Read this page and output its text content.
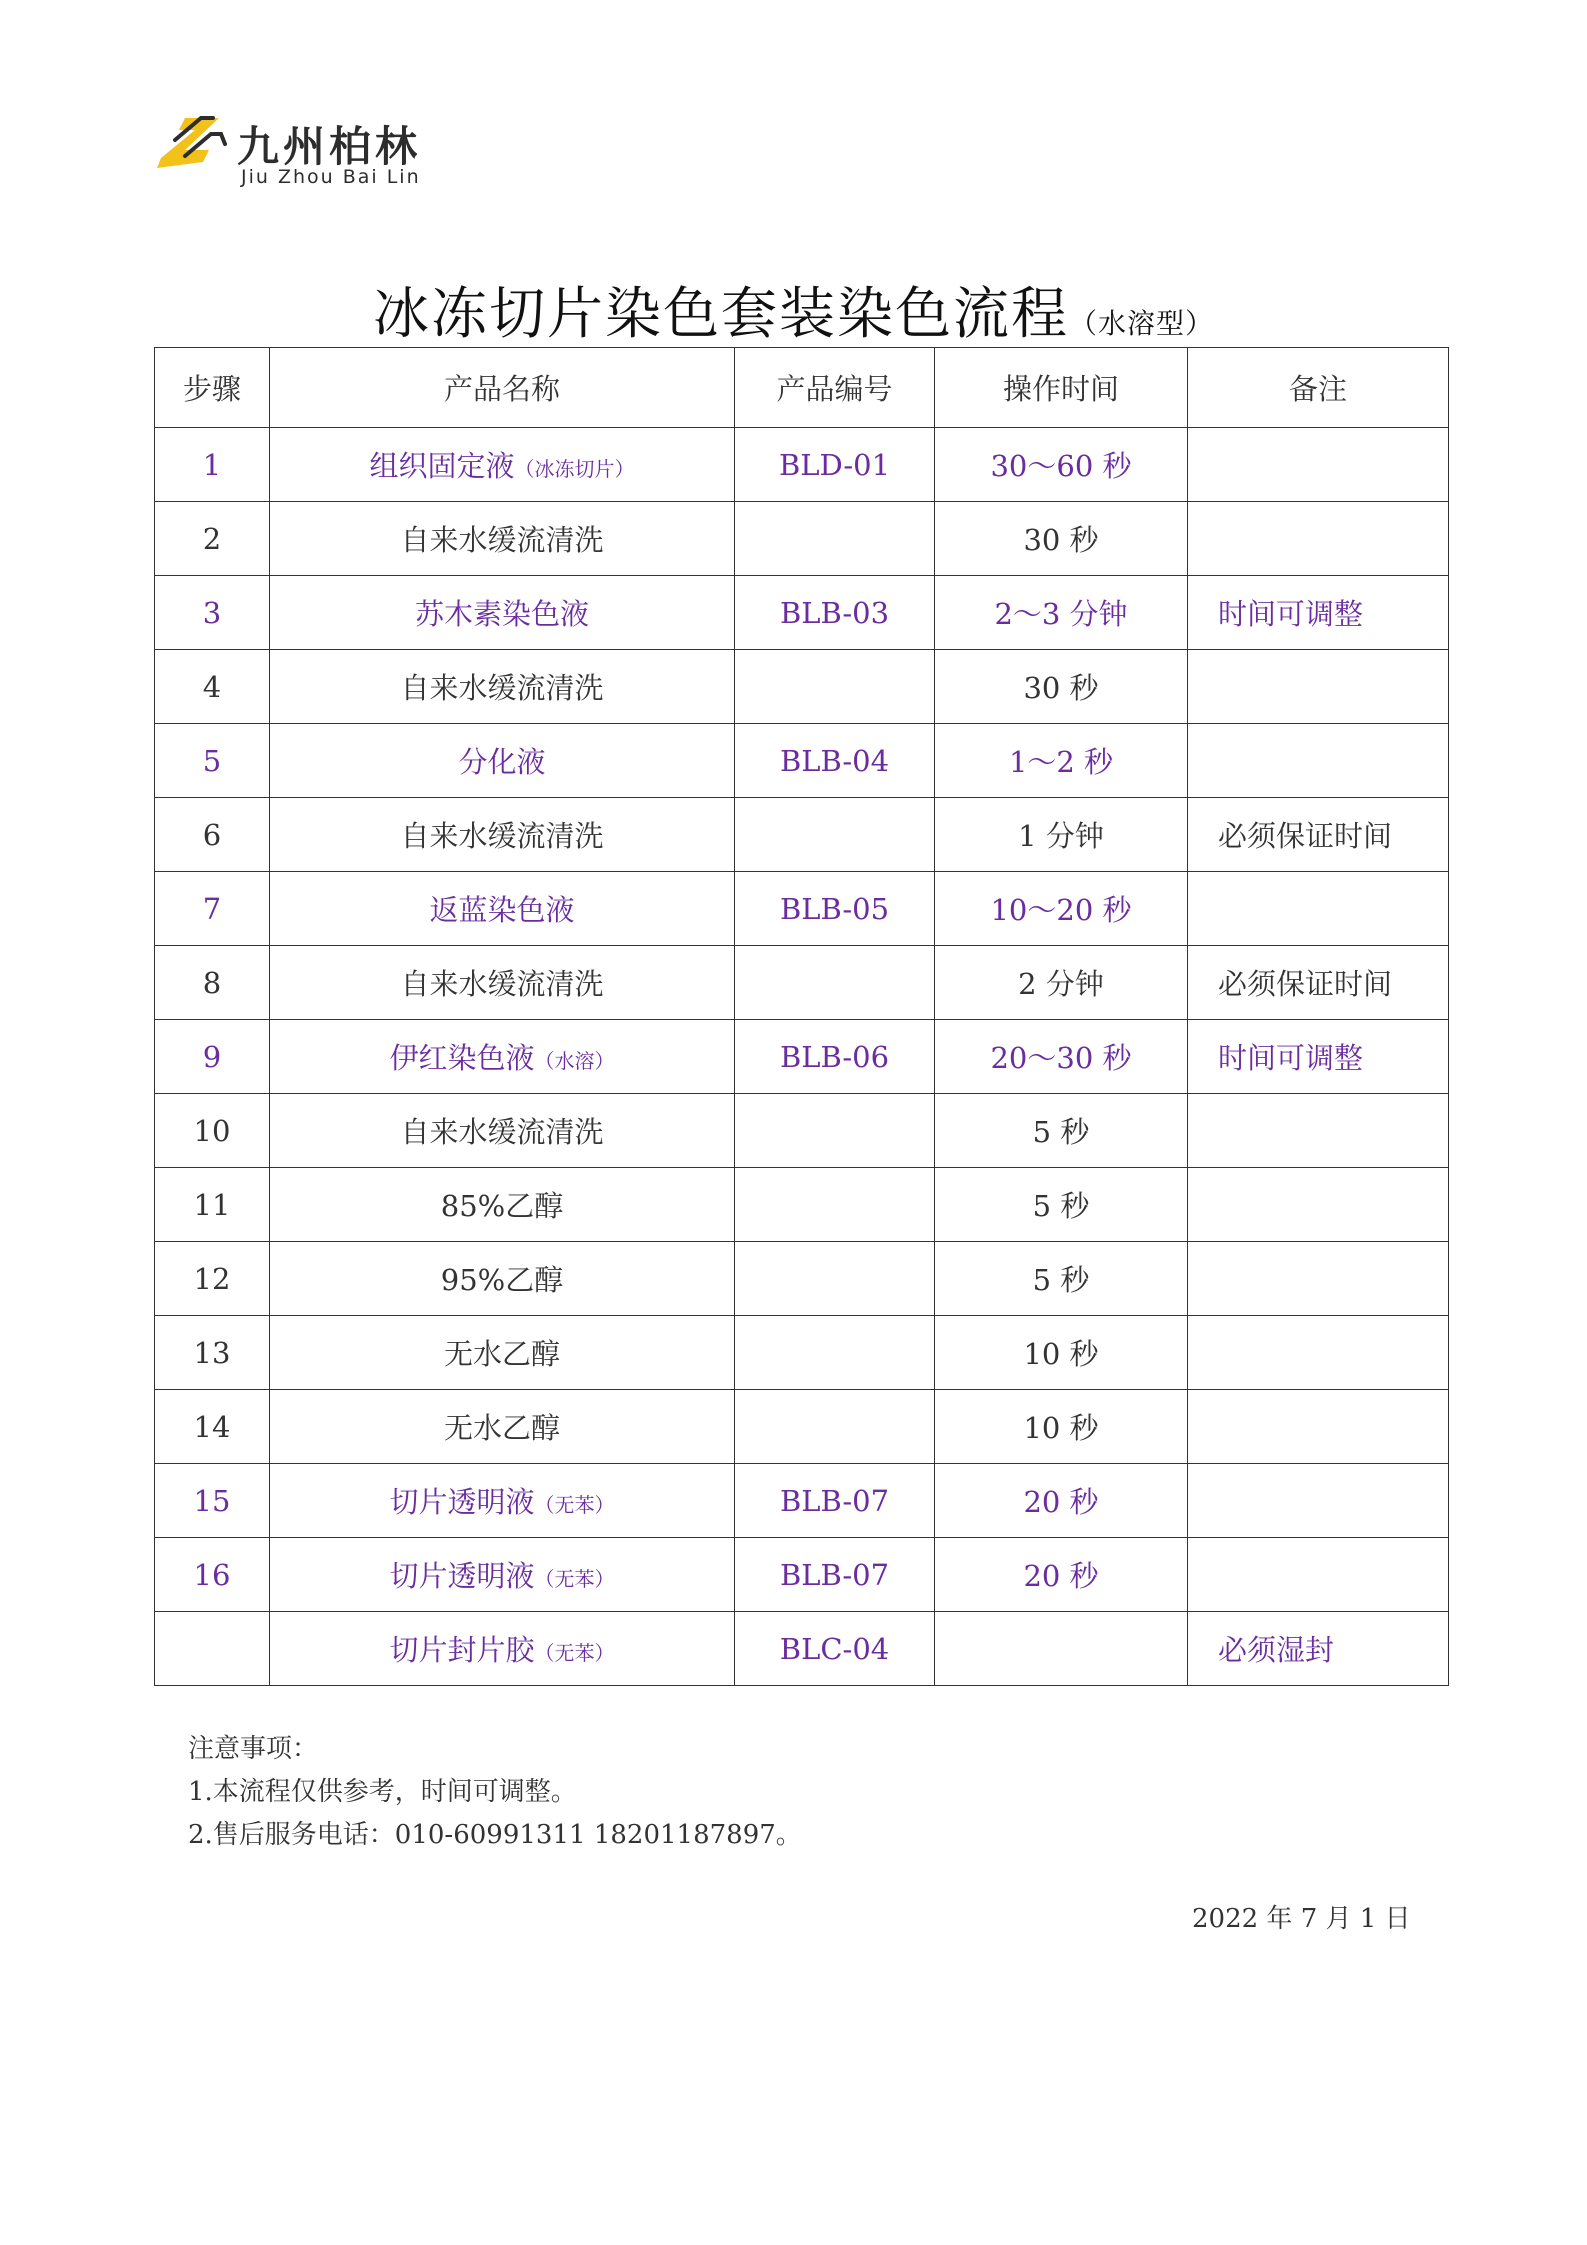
九州柏林
Jiu Zhou Bai Lin
冰冻切片染色套装染色流程（水溶型）
步骤	产品名称	产品编号	操作时间	备注
1	组织固定液（冰冻切片）	BLD-01	30～60 秒	
2	自来水缓流清洗		30 秒	
3	苏木素染色液	BLB-03	2～3 分钟	时间可调整
4	自来水缓流清洗		30 秒	
5	分化液	BLB-04	1～2 秒	
6	自来水缓流清洗		1 分钟	必须保证时间
7	返蓝染色液	BLB-05	10～20 秒	
8	自来水缓流清洗		2 分钟	必须保证时间
9	伊红染色液（水溶）	BLB-06	20～30 秒	时间可调整
10	自来水缓流清洗		5 秒	
11	85%乙醇		5 秒	
12	95%乙醇		5 秒	
13	无水乙醇		10 秒	
14	无水乙醇		10 秒	
15	切片透明液（无苯）	BLB-07	20 秒	
16	切片透明液（无苯）	BLB-07	20 秒	
	切片封片胶（无苯）	BLC-04		必须湿封
注意事项：
1.本流程仅供参考，时间可调整。
2.售后服务电话：010-60991311 18201187897。
2022 年 7 月 1 日
